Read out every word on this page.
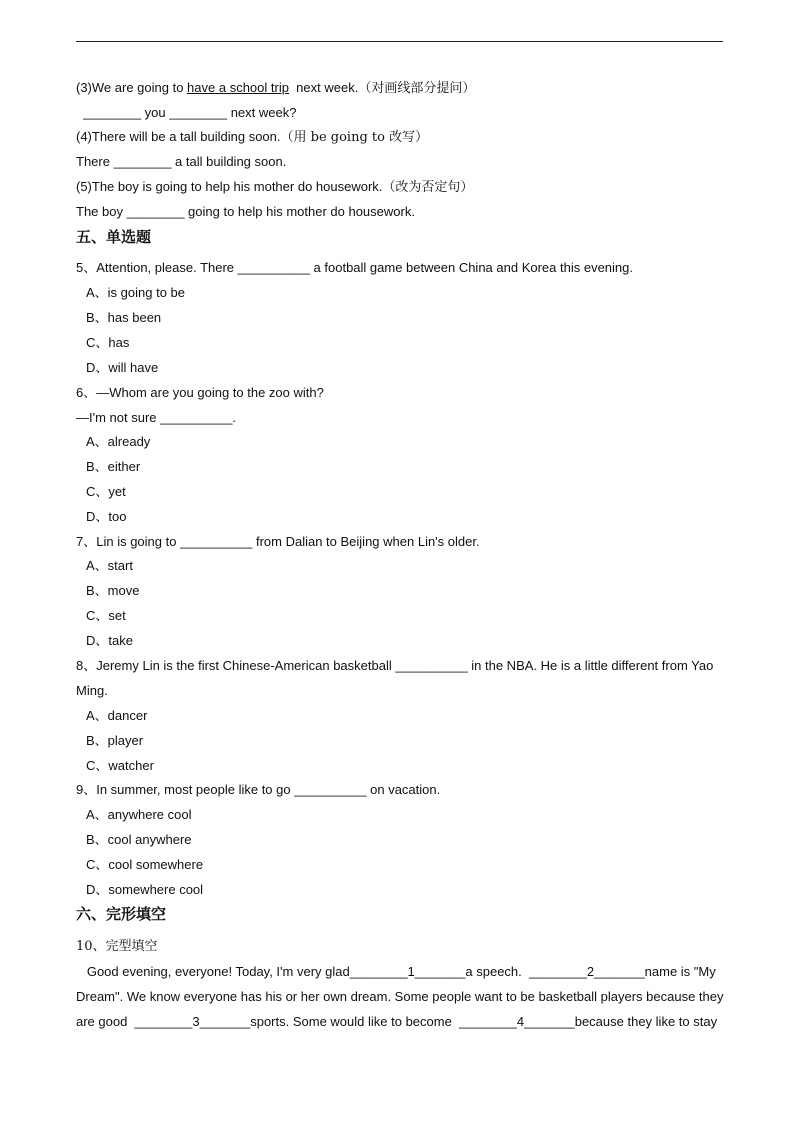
(3)We are going to have a school trip  next week.（对画线部分提问）
________ you ________ next week?
(4)There will be a tall building soon.（用 be going to 改写）
There ________ a tall building soon.
(5)The boy is going to help his mother do housework.（改为否定句）
The boy ________ going to help his mother do housework.
五、单选题
5、Attention, please. There __________ a football game between China and Korea this evening.
A、is going to be
B、has been
C、has
D、will have
6、—Whom are you going to the zoo with?
—I'm not sure __________.
A、already
B、either
C、yet
D、too
7、Lin is going to __________ from Dalian to Beijing when Lin's older.
A、start
B、move
C、set
D、take
8、Jeremy Lin is the first Chinese-American basketball __________ in the NBA. He is a little different from Yao
Ming.
A、dancer
B、player
C、watcher
9、In summer, most people like to go __________ on vacation.
A、anywhere cool
B、cool anywhere
C、cool somewhere
D、somewhere cool
六、完形填空
10、完型填空
Good evening, everyone! Today, I'm very glad________1_______a speech.  ________2_______name is "My
Dream". We know everyone has his or her own dream. Some people want to be basketball players because they
are good  ________3_______sports. Some would like to become  ________4_______because they like to stay
